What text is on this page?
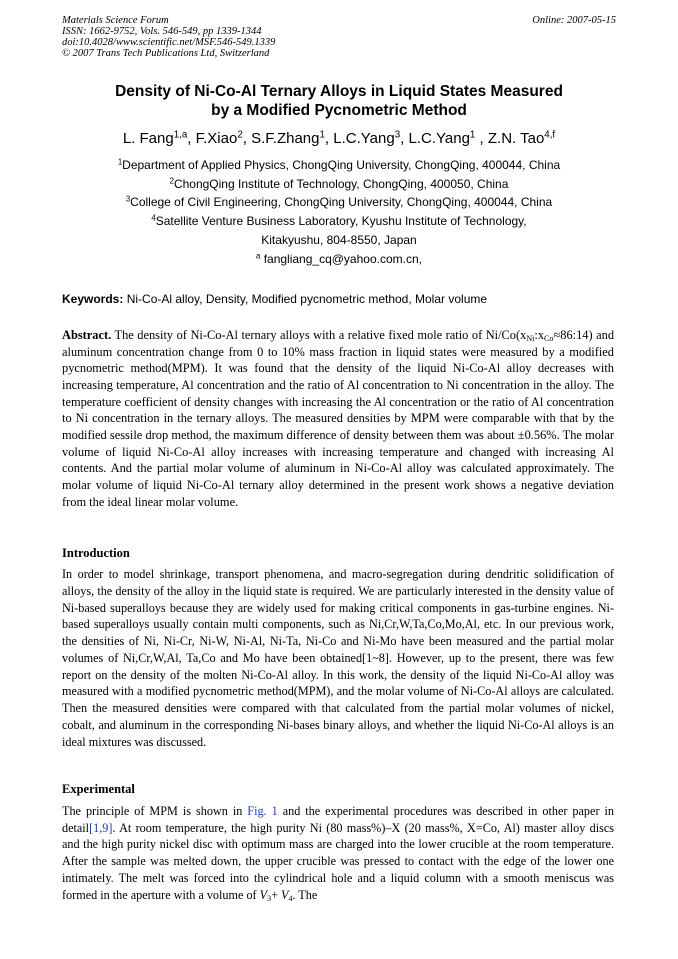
Materials Science Forum
ISSN: 1662-9752, Vols. 546-549, pp 1339-1344
doi:10.4028/www.scientific.net/MSF.546-549.1339
© 2007 Trans Tech Publications Ltd, Switzerland
Online: 2007-05-15
Density of Ni-Co-Al Ternary Alloys in Liquid States Measured
by a Modified Pycnometric Method
L. Fang$^{1,a}$, F.Xiao$^2$, S.F.Zhang$^1$, L.C.Yang$^3$, L.C.Yang$^1$ , Z.N. Tao$^{4,f}$
$^1$Department of Applied Physics, ChongQing University, ChongQing, 400044, China
$^2$ChongQing Institute of Technology, ChongQing, 400050, China
$^3$College of Civil Engineering, ChongQing University, ChongQing, 400044, China
$^4$Satellite Venture Business Laboratory, Kyushu Institute of Technology,
Kitakyushu, 804-8550, Japan
$^a$ fangliang_cq@yahoo.com.cn,
Keywords: Ni-Co-Al alloy, Density, Modified pycnometric method, Molar volume
Abstract. The density of Ni-Co-Al ternary alloys with a relative fixed mole ratio of $Ni/Co(x_{Ni}:x_{Co}\approx 86:14)$ and aluminum concentration change from 0 to 10% mass fraction in liquid states were measured by a modified pycnometric method(MPM). It was found that the density of the liquid Ni-Co-Al alloy decreases with increasing temperature, Al concentration and the ratio of Al concentration to Ni concentration in the alloy. The temperature coefficient of density changes with increasing the Al concentration or the ratio of Al concentration to Ni concentration in the ternary alloys. The measured densities by MPM were comparable with that by the modified sessile drop method, the maximum difference of density between them was about ±0.56%. The molar volume of liquid Ni-Co-Al alloy increases with increasing temperature and changed with increasing Al contents. And the partial molar volume of aluminum in Ni-Co-Al alloy was calculated approximately. The molar volume of liquid Ni-Co-Al ternary alloy determined in the present work shows a negative deviation from the ideal linear molar volume.
Introduction
In order to model shrinkage, transport phenomena, and macro-segregation during dendritic solidification of alloys, the density of the alloy in the liquid state is required. We are particularly interested in the density value of Ni-based superalloys because they are widely used for making critical components in gas-turbine engines. Ni-based superalloys usually contain multi components, such as Ni,Cr,W,Ta,Co,Mo,Al, etc. In our previous work, the densities of Ni, Ni-Cr, Ni-W, Ni-Al, Ni-Ta, Ni-Co and Ni-Mo have been measured and the partial molar volumes of Ni,Cr,W,Al, Ta,Co and Mo have been obtained[1~8]. However, up to the present, there was few report on the density of the molten Ni-Co-Al alloy. In this work, the density of the liquid Ni-Co-Al alloy was measured with a modified pycnometric method(MPM), and the molar volume of Ni-Co-Al alloys are calculated. Then the measured densities were compared with that calculated from the partial molar volumes of nickel, cobalt, and aluminum in the corresponding Ni-bases binary alloys, and whether the liquid Ni-Co-Al alloys is an ideal mixtures was discussed.
Experimental
The principle of MPM is shown in Fig. 1 and the experimental procedures was described in other paper in detail[1,9]. At room temperature, the high purity Ni (80 mass%)–X (20 mass%, X=Co, Al) master alloy discs and the high purity nickel disc with optimum mass are charged into the lower crucible at the room temperature. After the sample was melted down, the upper crucible was pressed to contact with the edge of the lower one intimately. The melt was forced into the cylindrical hole and a liquid column with a smooth meniscus was formed in the aperture with a volume of $V_3+ V_4$. The
